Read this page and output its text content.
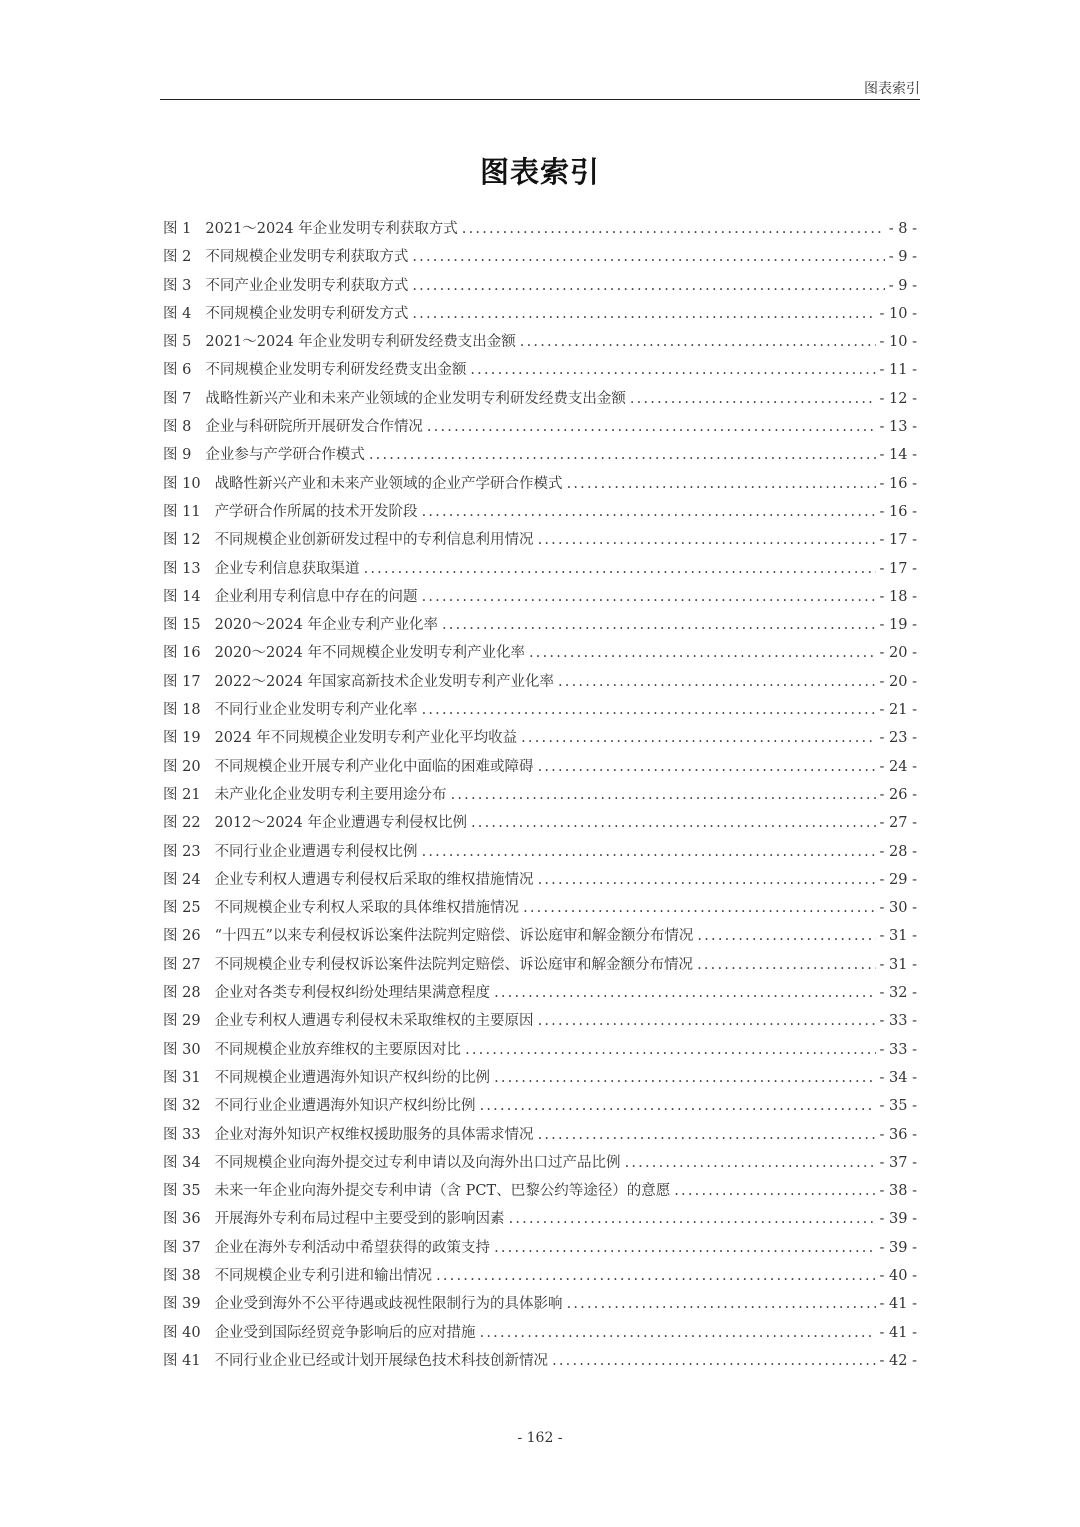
图表索引
图表索引
图 1 2021～2024 年企业发明专利获取方式 .....	- 8 -
图 2 不同规模企业发明专利获取方式 .....	- 9 -
图 3 不同产业企业发明专利获取方式 .....	- 9 -
图 4 不同规模企业发明专利研发方式 .....	- 10 -
图 5 2021～2024 年企业发明专利研发经费支出金额 .....	- 10 -
图 6 不同规模企业发明专利研发经费支出金额 .....	- 11 -
图 7 战略性新兴产业和未来产业领域的企业发明专利研发经费支出金额 .....	- 12 -
图 8 企业与科研院所开展研发合作情况 .....	- 13 -
图 9 企业参与产学研合作模式 .....	- 14 -
图 10 战略性新兴产业和未来产业领域的企业产学研合作模式 .....	- 16 -
图 11 产学研合作所属的技术开发阶段 .....	- 16 -
图 12 不同规模企业创新研发过程中的专利信息利用情况 .....	- 17 -
图 13 企业专利信息获取渠道 .....	- 17 -
图 14 企业利用专利信息中存在的问题 .....	- 18 -
图 15 2020～2024 年企业专利产业化率 .....	- 19 -
图 16 2020～2024 年不同规模企业发明专利产业化率 .....	- 20 -
图 17 2022～2024 年国家高新技术企业发明专利产业化率 .....	- 20 -
图 18 不同行业企业发明专利产业化率 .....	- 21 -
图 19 2024 年不同规模企业发明专利产业化平均收益 .....	- 23 -
图 20 不同规模企业开展专利产业化中面临的困难或障碍 .....	- 24 -
图 21 未产业化企业发明专利主要用途分布 .....	- 26 -
图 22 2012～2024 年企业遭遇专利侵权比例 .....	- 27 -
图 23 不同行业企业遭遇专利侵权比例 .....	- 28 -
图 24 企业专利权人遭遇专利侵权后采取的维权措施情况 .....	- 29 -
图 25 不同规模企业专利权人采取的具体维权措施情况 .....	- 30 -
图 26 “十四五”以来专利侵权诉讼案件法院判定赔偿、诉讼庭审和解金额分布情况 .....	- 31 -
图 27 不同规模企业专利侵权诉讼案件法院判定赔偿、诉讼庭审和解金额分布情况 .....	- 31 -
图 28 企业对各类专利侵权纠纷处理结果满意程度 .....	- 32 -
图 29 企业专利权人遭遇专利侵权未采取维权的主要原因 .....	- 33 -
图 30 不同规模企业放弃维权的主要原因对比 .....	- 33 -
图 31 不同规模企业遭遇海外知识产权纠纷的比例 .....	- 34 -
图 32 不同行业企业遭遇海外知识产权纠纷比例 .....	- 35 -
图 33 企业对海外知识产权维权援助服务的具体需求情况 .....	- 36 -
图 34 不同规模企业向海外提交过专利申请以及向海外出口过产品比例 .....	- 37 -
图 35 未来一年企业向海外提交专利申请（含 PCT、巴黎公约等途径）的意愿 .....	- 38 -
图 36 开展海外专利布局过程中主要受到的影响因素 .....	- 39 -
图 37 企业在海外专利活动中希望获得的政策支持 .....	- 39 -
图 38 不同规模企业专利引进和输出情况 .....	- 40 -
图 39 企业受到海外不公平待遇或歧视性限制行为的具体影响 .....	- 41 -
图 40 企业受到国际经贸竞争影响后的应对措施 .....	- 41 -
图 41 不同行业企业已经或计划开展绿色技术科技创新情况 .....	- 42 -
- 162 -
